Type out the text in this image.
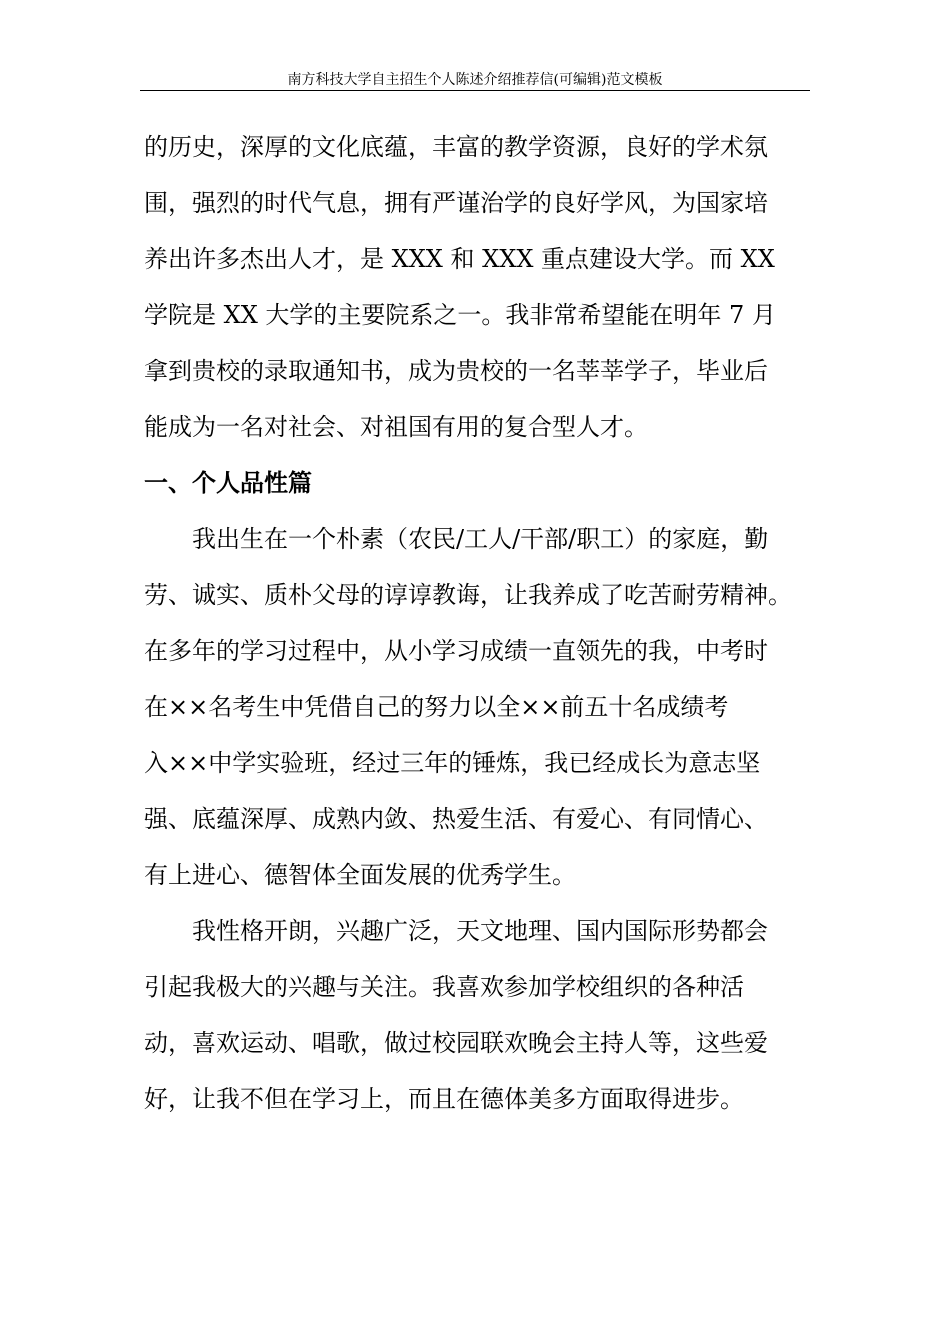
南方科技大学自主招生个人陈述介绍推荐信(可编辑)范文模板
的历史，深厚的文化底蕴，丰富的教学资源，良好的学术氛
围，强烈的时代气息，拥有严谨治学的良好学风，为国家培
养出许多杰出人才，是 XXX 和 XXX 重点建设大学。而 XX
学院是 XX 大学的主要院系之一。我非常希望能在明年 7 月
拿到贵校的录取通知书，成为贵校的一名莘莘学子，毕业后
能成为一名对社会、对祖国有用的复合型人才。
一、个人品性篇
我出生在一个朴素（农民/工人/干部/职工）的家庭，勤
劳、诚实、质朴父母的谆谆教诲，让我养成了吃苦耐劳精神。
在多年的学习过程中，从小学习成绩一直领先的我，中考时
在××名考生中凭借自己的努力以全××前五十名成绩考
入××中学实验班，经过三年的锤炼，我已经成长为意志坚
强、底蕴深厚、成熟内敛、热爱生活、有爱心、有同情心、
有上进心、德智体全面发展的优秀学生。
我性格开朗，兴趣广泛，天文地理、国内国际形势都会
引起我极大的兴趣与关注。我喜欢参加学校组织的各种活
动，喜欢运动、唱歌，做过校园联欢晚会主持人等，这些爱
好，让我不但在学习上，而且在德体美多方面取得进步。
